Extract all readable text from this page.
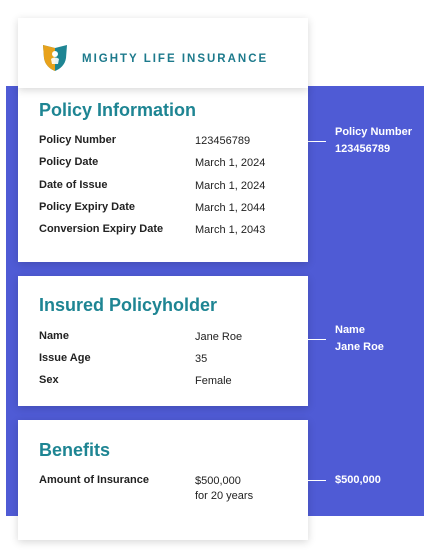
MIGHTY LIFE INSURANCE
Policy Information
Policy Number	123456789
Policy Date	March 1, 2024
Date of Issue	March 1, 2024
Policy Expiry Date	March 1, 2044
Conversion Expiry Date	March 1, 2043
Insured Policyholder
Name	Jane Roe
Issue Age	35
Sex	Female
Benefits
Amount of Insurance	$500,000
for 20 years
Policy Number
123456789
Name
Jane Roe
$500,000
